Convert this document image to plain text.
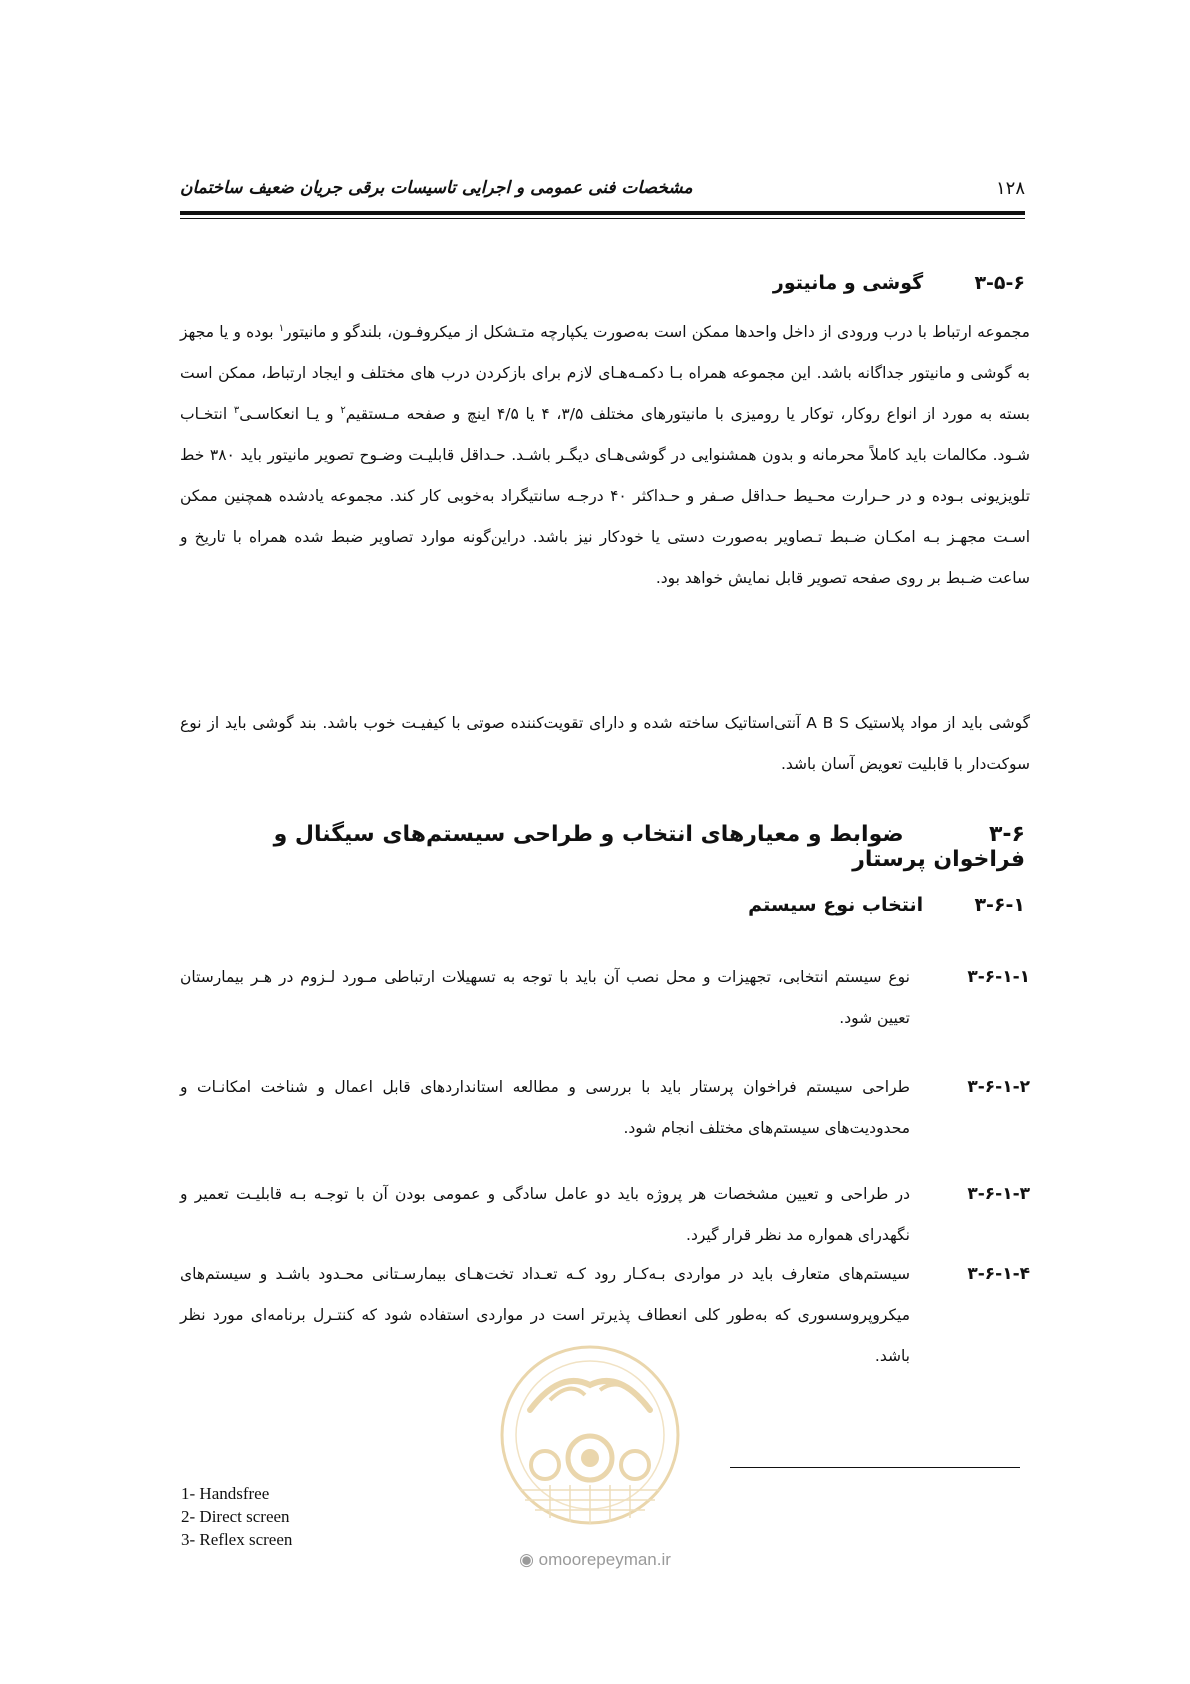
مشخصات فنی عمومی و اجرایی تاسیسات برقی جریان ضعیف ساختمان	۱۲۸
۳-۵-۶  گوشی و مانیتور
مجموعه ارتباط با درب ورودی از داخل واحدها ممکن است به‌صورت یکپارچه متـشکل از میکروفـون، بلندگو و مانیتور$^۱$ بوده و یا مجهز به گوشی و مانیتور جداگانه باشد. این مجموعه همراه بـا دکمـه‌هـای لازم برای بازکردن درب های مختلف و ایجاد ارتباط، ممکن است بسته به مورد از انواع روکار، توکار یا رومیزی با مانیتورهای مختلف ۳/۵، ۴ یا ۴/۵ اینچ و صفحه مـستقیم$^۲$ و یـا انعکاسـی$^۳$ انتخـاب شـود. مکالمات باید کاملاً محرمانه و بدون همشنوایی در گوشی‌هـای دیگـر باشـد. حـداقل قابلیـت وضـوح تصویر مانیتور باید ۳۸۰ خط تلویزیونی بـوده و در حـرارت محـیط حـداقل صـفر و حـداکثر ۴۰ درجـه سانتیگراد به‌خوبی کار کند. مجموعه یادشده همچنین ممکن اسـت مجهـز بـه امکـان ضـبط تـصاویر به‌صورت دستی یا خودکار نیز باشد. دراین‌گونه موارد تصاویر ضبط شده همراه با تاریخ و ساعت ضـبط بر روی صفحه تصویر قابل نمایش خواهد بود.
گوشی باید از مواد پلاستیک A B S آنتی‌استاتیک ساخته شده و دارای تقویت‌کننده صوتی با کیفیـت خوب باشد. بند گوشی باید از نوع سوکت‌دار با قابلیت تعویض آسان باشد.
۳-۶  ضوابط و معیارهای انتخاب و طراحی سیستم‌های سیگنال و فراخوان پرستار
۳-۶-۱  انتخاب نوع سیستم
۳-۶-۱-۱
نوع سیستم انتخابی، تجهیزات و محل نصب آن باید با توجه به تسهیلات ارتباطی مـورد لـزوم در هـر بیمارستان تعیین شود.
۳-۶-۱-۲
طراحی سیستم فراخوان پرستار باید با بررسی و مطالعه استانداردهای قابل اعمال و شناخت امکانـات و محدودیت‌های سیستم‌های مختلف انجام شود.
۳-۶-۱-۳
در طراحی و تعیین مشخصات هر پروژه باید دو عامل سادگی و عمومی بودن آن با توجـه بـه قابلیـت تعمیر و نگهدرای همواره مد نظر قرار گیرد.
۳-۶-۱-۴
سیستم‌های متعارف باید در مواردی بـه‌کـار رود کـه تعـداد تخت‌هـای بیمارسـتانی محـدود باشـد و سیستم‌های میکروپروسسوری که به‌طور کلی انعطاف پذیرتر است در مواردی استفاده شود که کنتـرل برنامه‌ای مورد نظر باشد.
◉ omoorepeyman.ir
1- Handsfree
2- Direct screen
3- Reflex screen
